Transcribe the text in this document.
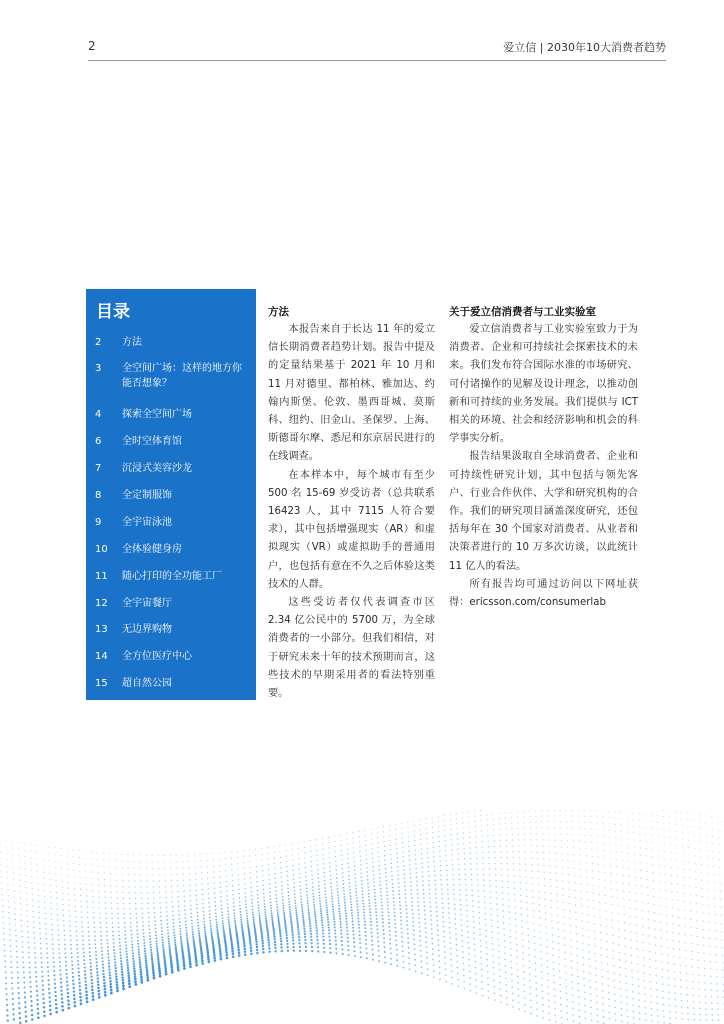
2	爱立信 | 2030年10大消费者趋势
目录
2	方法
3	全空间广场：这样的地方你能否想象？
4	探索全空间广场
6	全时空体育馆
7	沉浸式美容沙龙
8	全定制服饰
9	全宇宙泳池
10	全体验健身房
11	随心打印的全功能工厂
12	全宇宙餐厅
13	无边界购物
14	全方位医疗中心
15	超自然公园
方法

本报告来自于长达 11 年的爱立信长期消费者趋势计划。报告中提及的定量结果基于 2021 年 10 月和 11 月对德里、都柏林、雅加达、约翰内斯堡、伦敦、墨西哥城、莫斯科、纽约、旧金山、圣保罗、上海、斯德哥尔摩、悉尼和东京居民进行的在线调查。

在本样本中，每个城市有至少 500 名 15-69 岁受访者（总共联系 16423 人，其中 7115 人符合要求），其中包括增强现实（AR）和虚拟现实（VR）或虚拟助手的普通用户，也包括有意在不久之后体验这类技术的人群。

这些受访者仅代表调查市区 2.34 亿公民中的 5700 万，为全球消费者的一小部分。但我们相信，对于研究未来十年的技术预期而言，这些技术的早期采用者的看法特别重要。

关于爱立信消费者与工业实验室

爱立信消费者与工业实验室致力于为消费者、企业和可持续社会探索技术的未来。我们发布符合国际水准的市场研究、可付诸操作的见解及设计理念，以推动创新和可持续的业务发展。我们提供与 ICT 相关的环境、社会和经济影响和机会的科学事实分析。

报告结果汲取自全球消费者、企业和可持续性研究计划，其中包括与领先客户、行业合作伙伴、大学和研究机构的合作。我们的研究项目涵盖深度研究，还包括每年在 30 个国家对消费者、从业者和决策者进行的 10 万多次访谈，以此统计 11 亿人的看法。

所有报告均可通过访问以下网址获得：ericsson.com/consumerlab
